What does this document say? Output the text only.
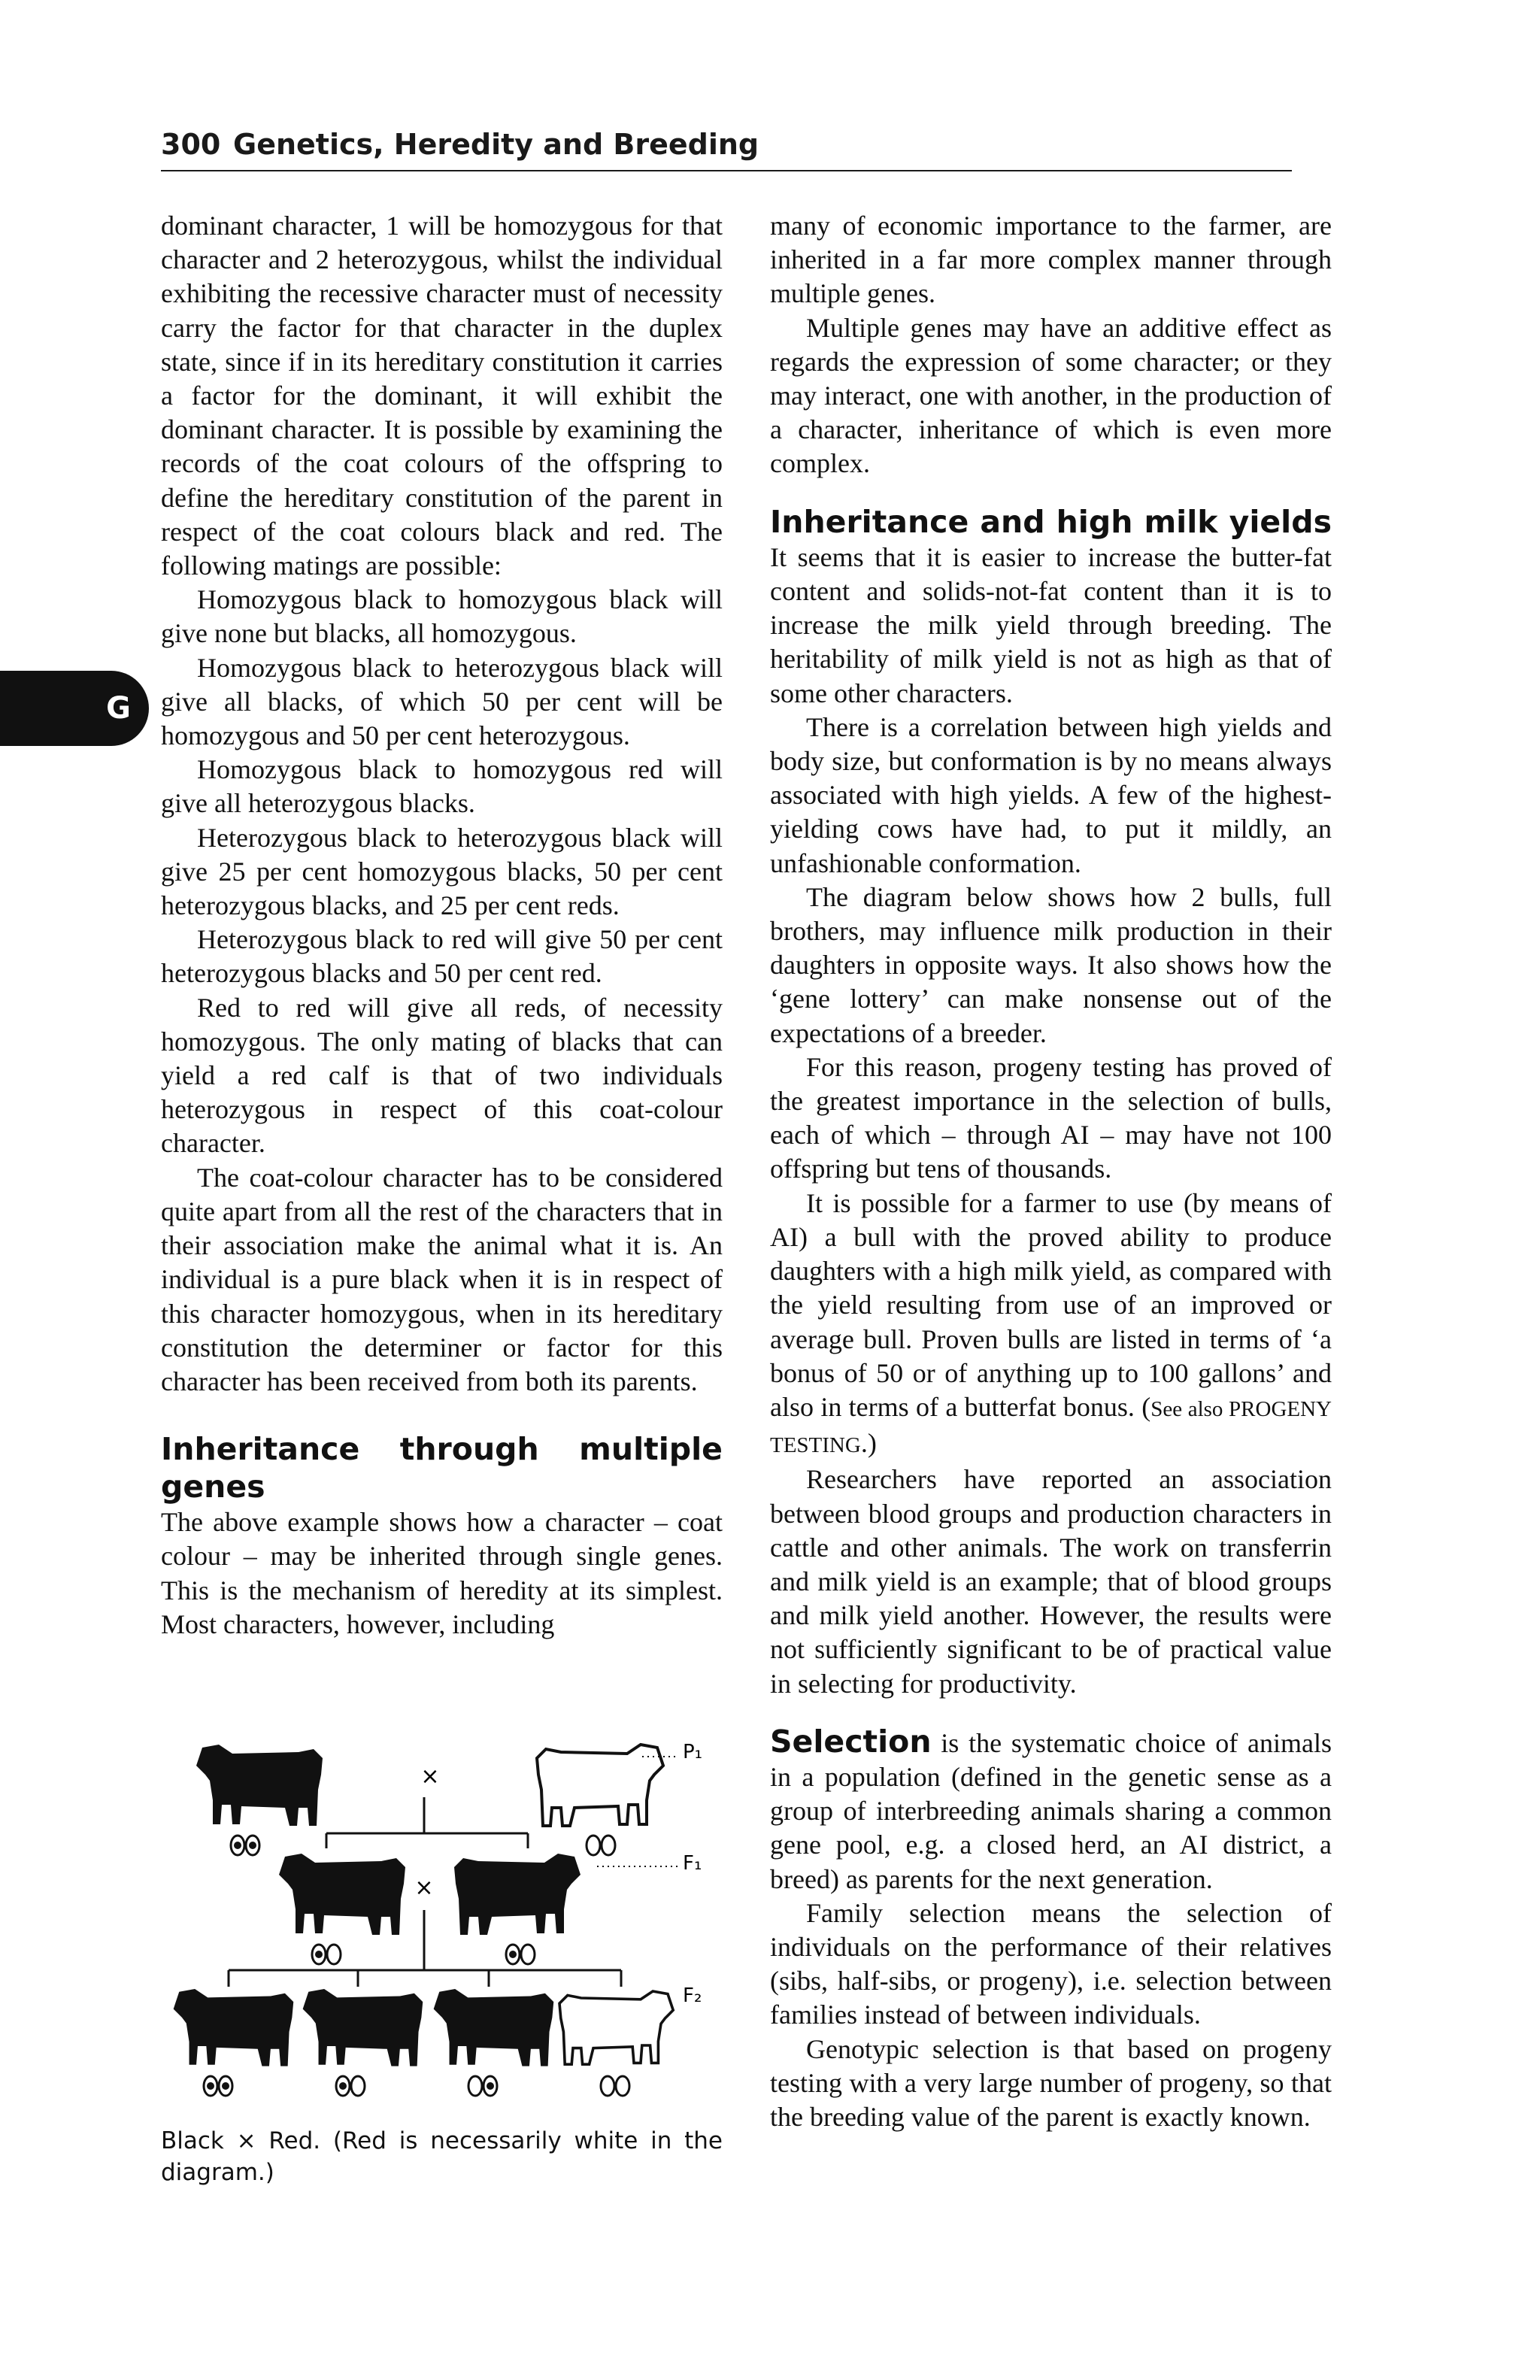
300 Genetics, Heredity and Breeding
G

dominant character, 1 will be homozygous for that character and 2 heterozygous, whilst the individual exhibiting the recessive character must of necessity carry the factor for that character in the duplex state, since if in its hereditary constitution it carries a factor for the dominant, it will exhibit the dominant character. It is possible by examining the records of the coat colours of the offspring to define the hereditary constitution of the parent in respect of the coat colours black and red. The following matings are possible:

Homozygous black to homozygous black will give none but blacks, all homozygous.

Homozygous black to heterozygous black will give all blacks, of which 50 per cent will be homozygous and 50 per cent heterozygous.

Homozygous black to homozygous red will give all heterozygous blacks.

Heterozygous black to heterozygous black will give 25 per cent homozygous blacks, 50 per cent heterozygous blacks, and 25 per cent reds.

Heterozygous black to red will give 50 per cent heterozygous blacks and 50 per cent red.

Red to red will give all reds, of necessity homozygous. The only mating of blacks that can yield a red calf is that of two individuals heterozygous in respect of this coat-colour character.

The coat-colour character has to be considered quite apart from all the rest of the characters that in their association make the animal what it is. An individual is a pure black when it is in respect of this character homozygous, when in its hereditary constitution the determiner or factor for this character has been received from both its parents.

Inheritance through multiple genes

The above example shows how a character – coat colour – may be inherited through single genes. This is the mechanism of heredity at its simplest. Most characters, however, including

many of economic importance to the farmer, are inherited in a far more complex manner through multiple genes.

Multiple genes may have an additive effect as regards the expression of some character; or they may interact, one with another, in the production of a character, inheritance of which is even more complex.

Inheritance and high milk yields It seems that it is easier to increase the butter-fat content and solids-not-fat content than it is to increase the milk yield through breeding. The heritability of milk yield is not as high as that of some other characters.

There is a correlation between high yields and body size, but conformation is by no means always associated with high yields. A few of the highest-yielding cows have had, to put it mildly, an unfashionable conformation.

The diagram below shows how 2 bulls, full brothers, may influence milk production in their daughters in opposite ways. It also shows how the ‘gene lottery’ can make nonsense out of the expectations of a breeder.

For this reason, progeny testing has proved of the greatest importance in the selection of bulls, each of which – through AI – may have not 100 offspring but tens of thousands.

It is possible for a farmer to use (by means of AI) a bull with the proved ability to produce daughters with a high milk yield, as compared with the yield resulting from use of an improved or average bull. Proven bulls are listed in terms of ‘a bonus of 50 or of anything up to 100 gallons’ and also in terms of a butterfat bonus. (See also PROGENY TESTING.)

Researchers have reported an association between blood groups and production characters in cattle and other animals. The work on transferrin and milk yield is an example; that of blood groups and milk yield another. However, the results were not sufficiently significant to be of practical value in selecting for productivity.

Selection is the systematic choice of animals in a population (defined in the genetic sense as a group of interbreeding animals sharing a common gene pool, e.g. a closed herd, an AI district, a breed) as parents for the next generation.

Family selection means the selection of individuals on the performance of their relatives (sibs, half-sibs, or progeny), i.e. selection between families instead of between individuals.

Genotypic selection is that based on progeny testing with a very large number of progeny, so that the breeding value of the parent is exactly known.

×
P₁
×
F₁
F₂
Black × Red. (Red is necessarily white in the diagram.)
